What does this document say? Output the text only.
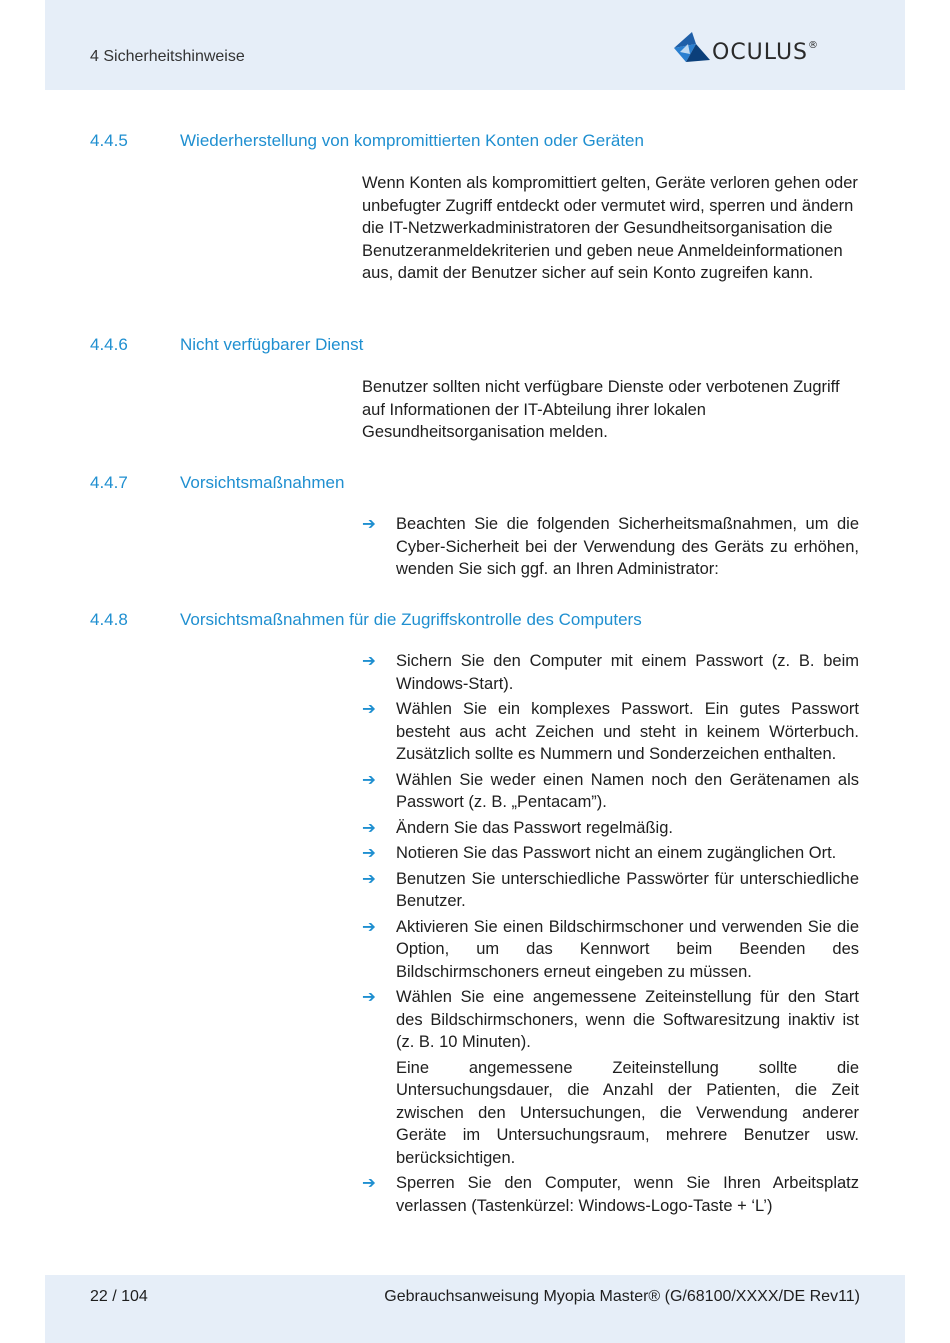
4 Sicherheitshinweise	OCULUS®
4.4.5	Wiederherstellung von kompromittierten Konten oder Geräten

Wenn Konten als kompromittiert gelten, Geräte verloren gehen oder unbefugter Zugriff entdeckt oder vermutet wird, sperren und ändern die IT-Netzwerkadministratoren der Gesundheitsorganisation die Benutzeranmeldekriterien und geben neue Anmeldeinformationen aus, damit der Benutzer sicher auf sein Konto zugreifen kann.

4.4.6	Nicht verfügbarer Dienst

Benutzer sollten nicht verfügbare Dienste oder verbotenen Zugriff auf Informationen der IT-Abteilung ihrer lokalen Gesundheitsorganisation melden.

4.4.7	Vorsichtsmaßnahmen
➔ Beachten Sie die folgenden Sicherheitsmaßnahmen, um die Cyber-Sicherheit bei der Verwendung des Geräts zu erhöhen, wenden Sie sich ggf. an Ihren Administrator:
4.4.8	Vorsichtsmaßnahmen für die Zugriffskontrolle des Computers
➔ Sichern Sie den Computer mit einem Passwort (z. B. beim Windows-Start).
➔ Wählen Sie ein komplexes Passwort. Ein gutes Passwort besteht aus acht Zeichen und steht in keinem Wörterbuch. Zusätzlich sollte es Nummern und Sonderzeichen enthalten.
➔ Wählen Sie weder einen Namen noch den Gerätenamen als Passwort (z. B. „Pentacam”).
➔ Ändern Sie das Passwort regelmäßig.
➔ Notieren Sie das Passwort nicht an einem zugänglichen Ort.
➔ Benutzen Sie unterschiedliche Passwörter für unterschiedliche Benutzer.
➔ Aktivieren Sie einen Bildschirmschoner und verwenden Sie die Option, um das Kennwort beim Beenden des Bildschirmschoners erneut eingeben zu müssen.
➔ Wählen Sie eine angemessene Zeiteinstellung für den Start des Bildschirmschoners, wenn die Softwaresitzung inaktiv ist (z. B. 10 Minuten).
Eine angemessene Zeiteinstellung sollte die Untersuchungsdauer, die Anzahl der Patienten, die Zeit zwischen den Untersuchungen, die Verwendung anderer Geräte im Untersuchungsraum, mehrere Benutzer usw. berücksichtigen.
➔ Sperren Sie den Computer, wenn Sie Ihren Arbeitsplatz verlassen (Tastenkürzel: Windows-Logo-Taste + ‘L’)
22 / 104	Gebrauchsanweisung Myopia Master® (G/68100/XXXX/DE Rev11)
